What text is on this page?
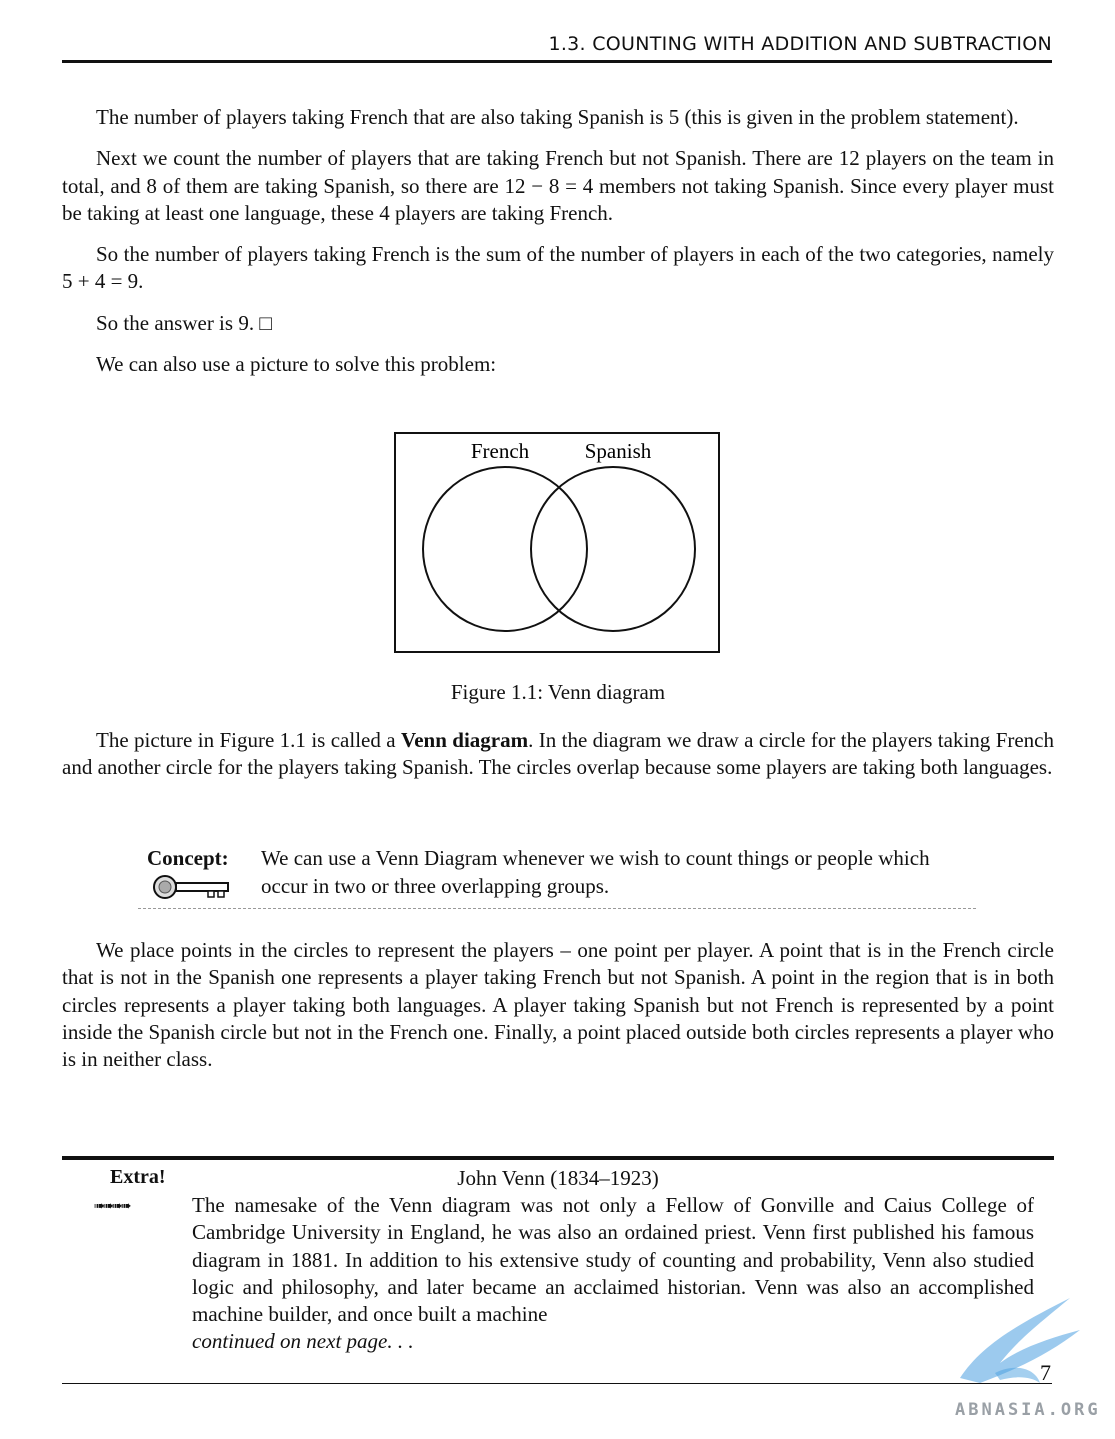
1.3. COUNTING WITH ADDITION AND SUBTRACTION

The number of players taking French that are also taking Spanish is 5 (this is given in the problem statement).

Next we count the number of players that are taking French but not Spanish. There are 12 players on the team in total, and 8 of them are taking Spanish, so there are 12 − 8 = 4 members not taking Spanish. Since every player must be taking at least one language, these 4 players are taking French.

So the number of players taking French is the sum of the number of players in each of the two categories, namely 5 + 4 = 9.

So the answer is 9. □

We can also use a picture to solve this problem:

French	Spanish
Figure 1.1: Venn diagram

The picture in Figure 1.1 is called a Venn diagram. In the diagram we draw a circle for the players taking French and another circle for the players taking Spanish. The circles overlap because some players are taking both languages.

Concept: We can use a Venn Diagram whenever we wish to count things or people which occur in two or three overlapping groups.

We place points in the circles to represent the players – one point per player. A point that is in the French circle that is not in the Spanish one represents a player taking French but not Spanish. A point in the region that is in both circles represents a player taking both languages. A player taking Spanish but not French is represented by a point inside the Spanish circle but not in the French one. Finally, a point placed outside both circles represents a player who is in neither class.

John Venn (1834–1923)
Extra!
➠➠➠➠	The namesake of the Venn diagram was not only a Fellow of Gonville and Caius College of Cambridge University in England, he was also an ordained priest. Venn first published his famous diagram in 1881. In addition to his extensive study of counting and probability, Venn also studied logic and philosophy, and later became an acclaimed historian. Venn was also an accomplished machine builder, and once built a machine
continued on next page. . .
7
ABNASIA.ORG
